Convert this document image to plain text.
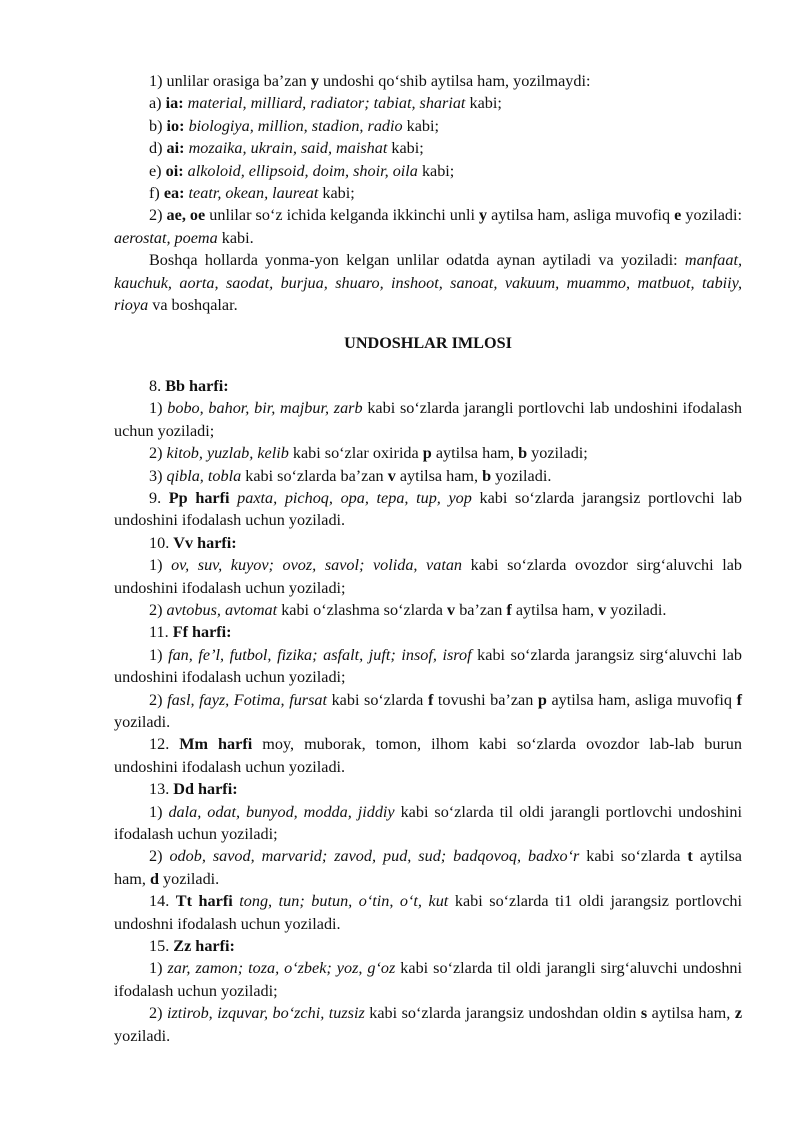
1) unlilar orasiga ba’zan y undoshi qo‘shib aytilsa ham, yozilmaydi:

a) ia: material, milliard, radiator; tabiat, shariat kabi;

b) io: biologiya, million, stadion, radio kabi;

d) ai: mozaika, ukrain, said, maishat kabi;

e) oi: alkoloid, ellipsoid, doim, shoir, oila kabi;

f) ea: teatr, okean, laureat kabi;

2) ae, oe unlilar so‘z ichida kelganda ikkinchi unli y aytilsa ham, asliga muvofiq e yoziladi: aerostat, poema kabi.

Boshqa hollarda yonma-yon kelgan unlilar odatda aynan aytiladi va yoziladi: manfaat, kauchuk, aorta, saodat, burjua, shuaro, inshoot, sanoat, vakuum, muammo, matbuot, tabiiy, rioya va boshqalar.

UNDOSHLAR IMLOSI

8. Bb harfi:

1) bobo, bahor, bir, majbur, zarb kabi so‘zlarda jarangli portlovchi lab undoshini ifodalash uchun yoziladi;

2) kitob, yuzlab, kelib kabi so‘zlar oxirida p aytilsa ham, b yoziladi;

3) qibla, tobla kabi so‘zlarda ba’zan v aytilsa ham, b yoziladi.

9. Pp harfi paxta, pichoq, opa, tepa, tup, yop kabi so‘zlarda jarangsiz portlovchi lab undoshini ifodalash uchun yoziladi.

10. Vv harfi:

1) ov, suv, kuyov; ovoz, savol; volida, vatan kabi so‘zlarda ovozdor sirg‘aluvchi lab undoshini ifodalash uchun yoziladi;

2) avtobus, avtomat kabi o‘zlashma so‘zlarda v ba’zan f aytilsa ham, v yoziladi.

11. Ff harfi:

1) fan, fe’l, futbol, fizika; asfalt, juft; insof, isrof kabi so‘zlarda jarangsiz sirg‘aluvchi lab undoshini ifodalash uchun yoziladi;

2) fasl, fayz, Fotima, fursat kabi so‘zlarda f tovushi ba’zan p aytilsa ham, asliga muvofiq f yoziladi.

12. Mm harfi moy, muborak, tomon, ilhom kabi so‘zlarda ovozdor lab-lab burun undoshini ifodalash uchun yoziladi.

13. Dd harfi:

1) dala, odat, bunyod, modda, jiddiy kabi so‘zlarda til oldi jarangli portlovchi undoshini ifodalash uchun yoziladi;

2) odob, savod, marvarid; zavod, pud, sud; badqovoq, badxo‘r kabi so‘zlarda t aytilsa ham, d yoziladi.

14. Tt harfi tong, tun; butun, o‘tin, o‘t, kut kabi so‘zlarda ti1 oldi jarangsiz portlovchi undoshni ifodalash uchun yoziladi.

15. Zz harfi:

1) zar, zamon; toza, o‘zbek; yoz, g‘oz kabi so‘zlarda til oldi jarangli sirg‘aluvchi undoshni ifodalash uchun yoziladi;

2) iztirob, izquvar, bo‘zchi, tuzsiz kabi so‘zlarda jarangsiz undoshdan oldin s aytilsa ham, z yoziladi.
